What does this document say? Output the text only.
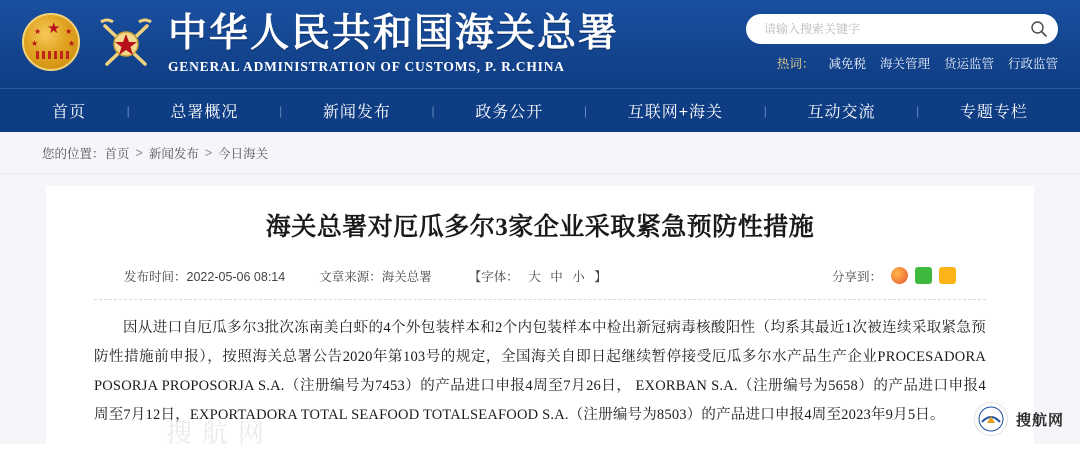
★
★	★
★	★ 中华人民共和国海关总署
GENERAL ADMINISTRATION OF CUSTOMS, P. R.CHINA
请输入搜索关键字	热词： 减免税 海关管理 货运监管 行政监管
首页	|	总署概况	|	新闻发布	|	政务公开	|	互联网+海关	|	互动交流	|	专题专栏
您的位置： 首页 > 新闻发布 > 今日海关
海关总署对厄瓜多尔3家企业采取紧急预防性措施
发布时间：2022-05-06 08:14	文章来源：海关总署	【字体： 大 中 小 】	分享到：

因从进口自厄瓜多尔3批次冻南美白虾的4个外包装样本和2个内包装样本中检出新冠病毒核酸阳性（均系其最近1次被连续采取紧急预防性措施前申报），按照海关总署公告2020年第103号的规定，全国海关自即日起继续暂停接受厄瓜多尔水产品生产企业PROCESADORA POSORJA PROPOSORJA S.A.（注册编号为7453）的产品进口申报4周至7月26日， EXORBAN S.A.（注册编号为5658）的产品进口申报4周至7月12日，EXPORTADORA TOTAL SEAFOOD TOTALSEAFOOD S.A.（注册编号为8503）的产品进口申报4周至2023年9月5日。

搜航网	搜航网
